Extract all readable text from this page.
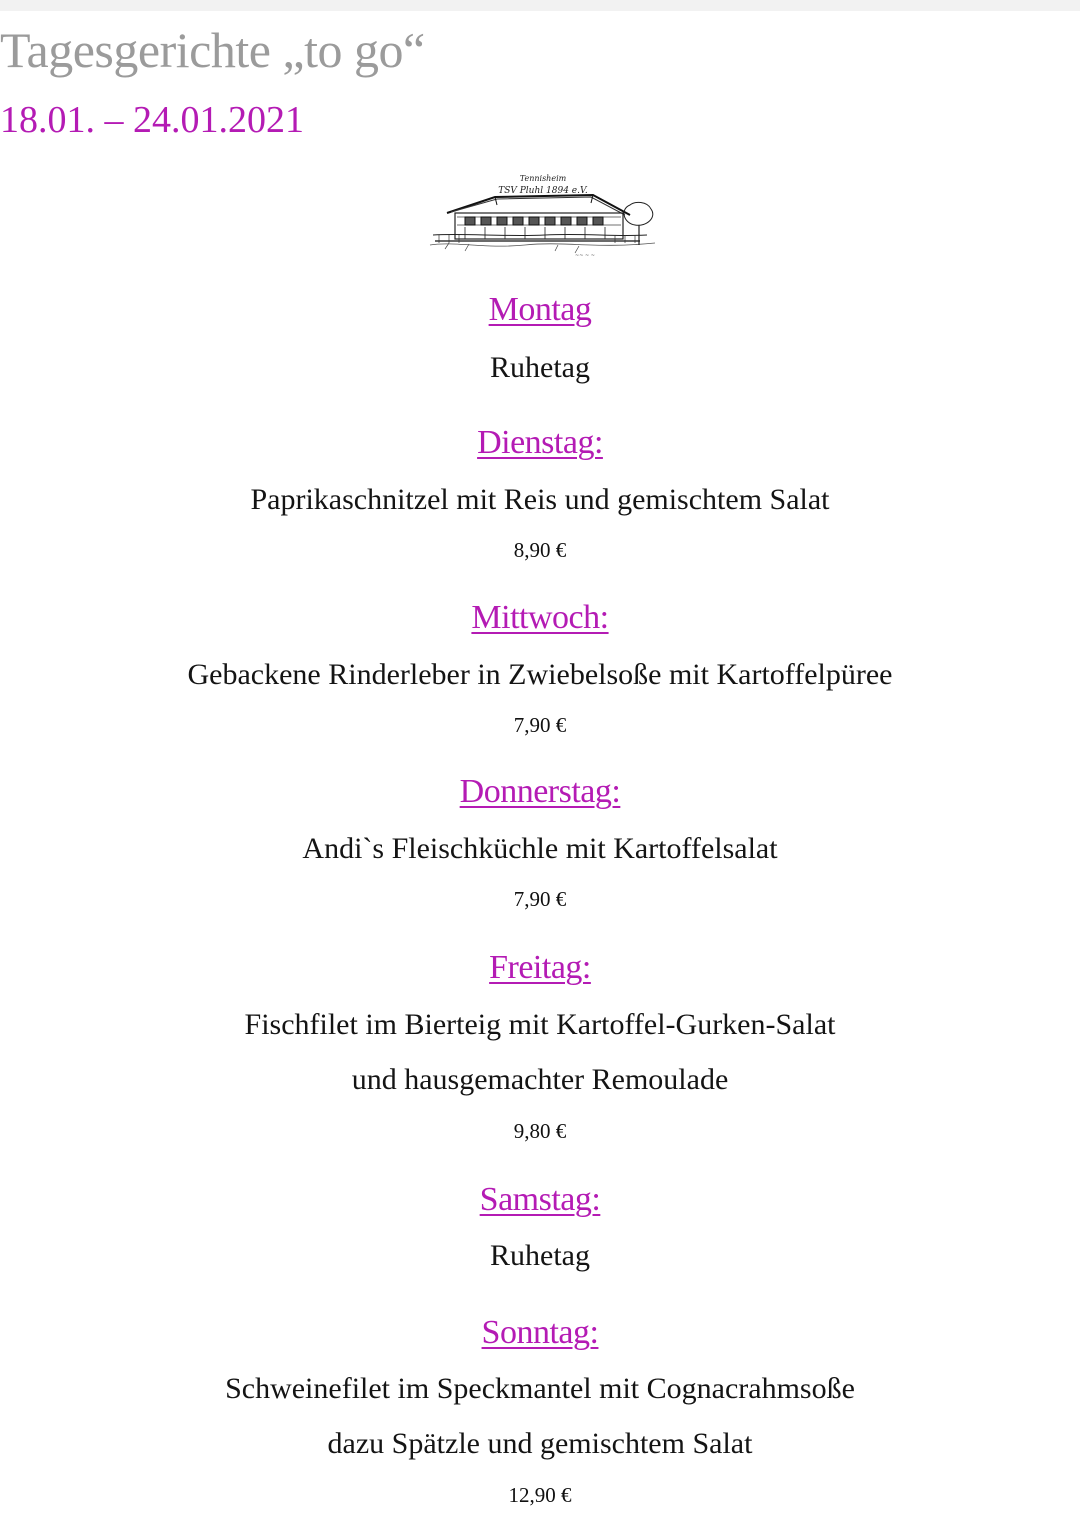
Tagesgerichte „to go“
18.01. – 24.01.2021
Tennisheim
TSV Pluhl 1894 e.V.
~~ ~ ~
Montag
Ruhetag
Dienstag:
Paprikaschnitzel mit Reis und gemischtem Salat
8,90 €
Mittwoch:
Gebackene Rinderleber in Zwiebelsoße mit Kartoffelpüree
7,90 €
Donnerstag:
Andi`s Fleischküchle mit Kartoffelsalat
7,90 €
Freitag:
Fischfilet im Bierteig mit Kartoffel-Gurken-Salat
und hausgemachter Remoulade
9,80 €
Samstag:
Ruhetag
Sonntag:
Schweinefilet im Speckmantel mit Cognacrahmsoße
dazu Spätzle und gemischtem Salat
12,90 €
